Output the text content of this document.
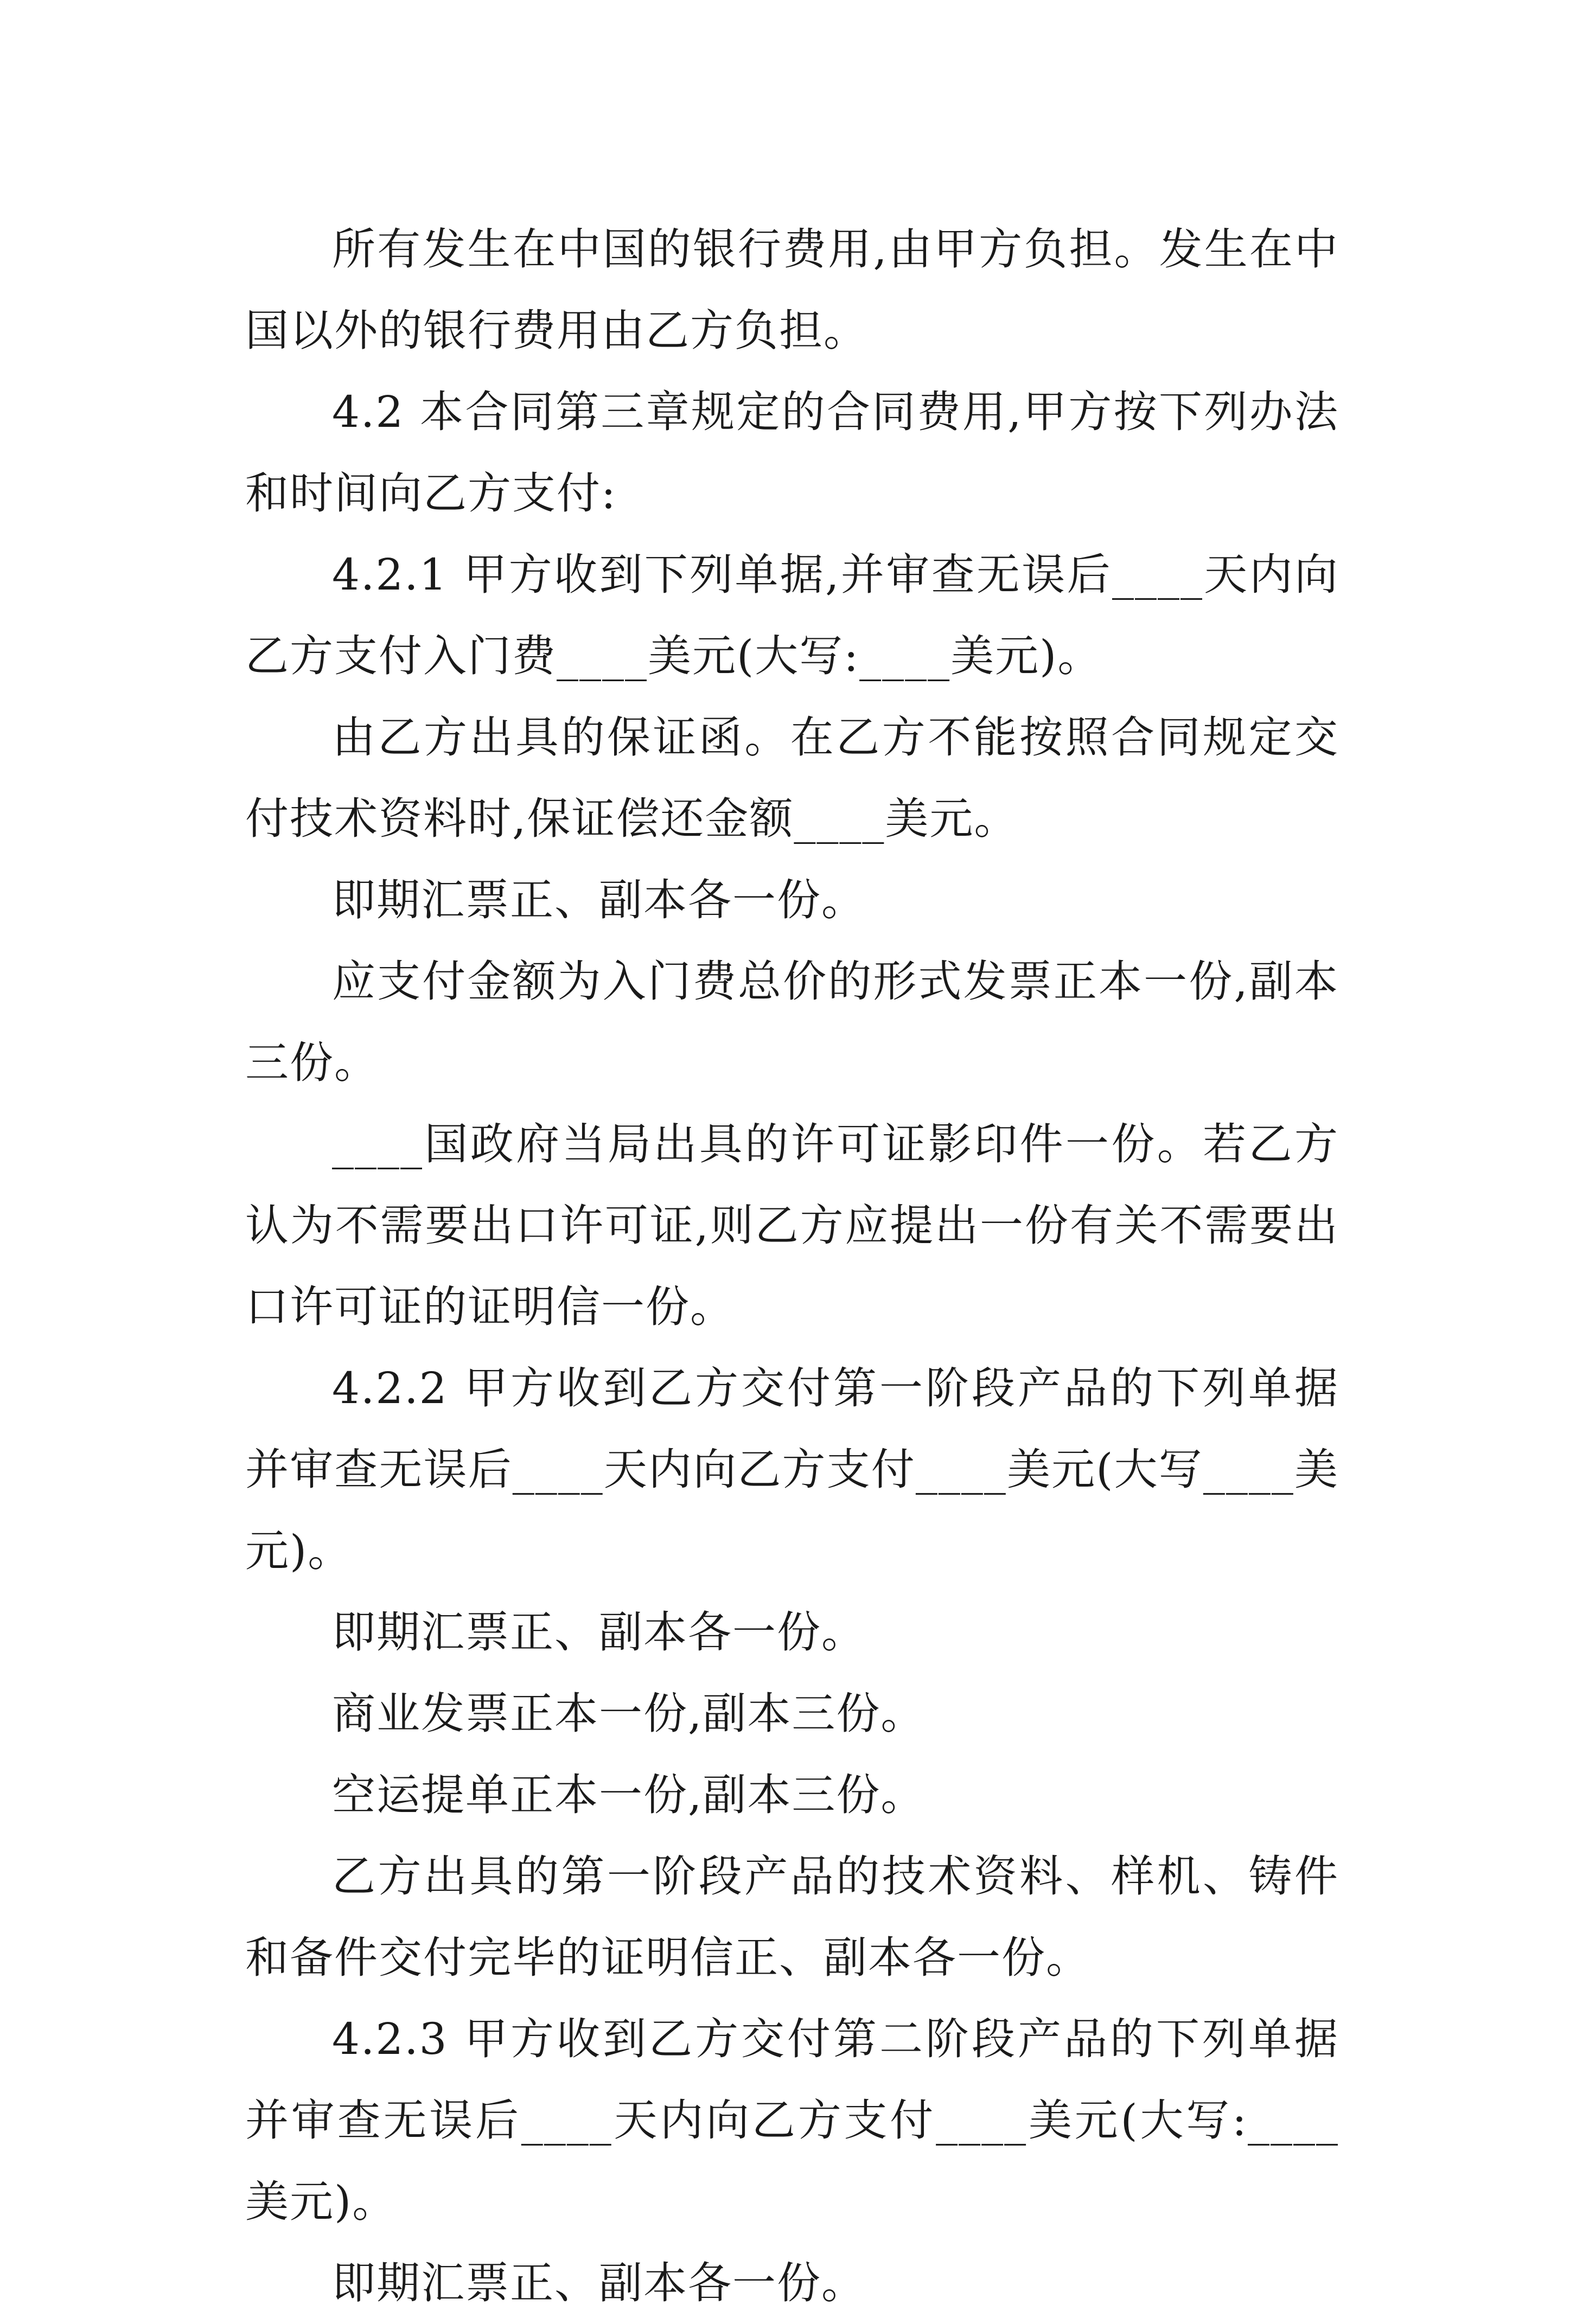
所有发生在中国的银行费用,由甲方负担。发生在中国以外的银行费用由乙方负担。

4.2 本合同第三章规定的合同费用,甲方按下列办法和时间向乙方支付:

4.2.1 甲方收到下列单据,并审查无误后____天内向乙方支付入门费____美元(大写:____美元)。

由乙方出具的保证函。在乙方不能按照合同规定交付技术资料时,保证偿还金额____美元。

即期汇票正、副本各一份。

应支付金额为入门费总价的形式发票正本一份,副本三份。

____国政府当局出具的许可证影印件一份。若乙方认为不需要出口许可证,则乙方应提出一份有关不需要出口许可证的证明信一份。

4.2.2 甲方收到乙方交付第一阶段产品的下列单据并审查无误后____天内向乙方支付____美元(大写____美元)。

即期汇票正、副本各一份。

商业发票正本一份,副本三份。

空运提单正本一份,副本三份。

乙方出具的第一阶段产品的技术资料、样机、铸件和备件交付完毕的证明信正、副本各一份。

4.2.3 甲方收到乙方交付第二阶段产品的下列单据并审查无误后____天内向乙方支付____美元(大写:____美元)。

即期汇票正、副本各一份。
